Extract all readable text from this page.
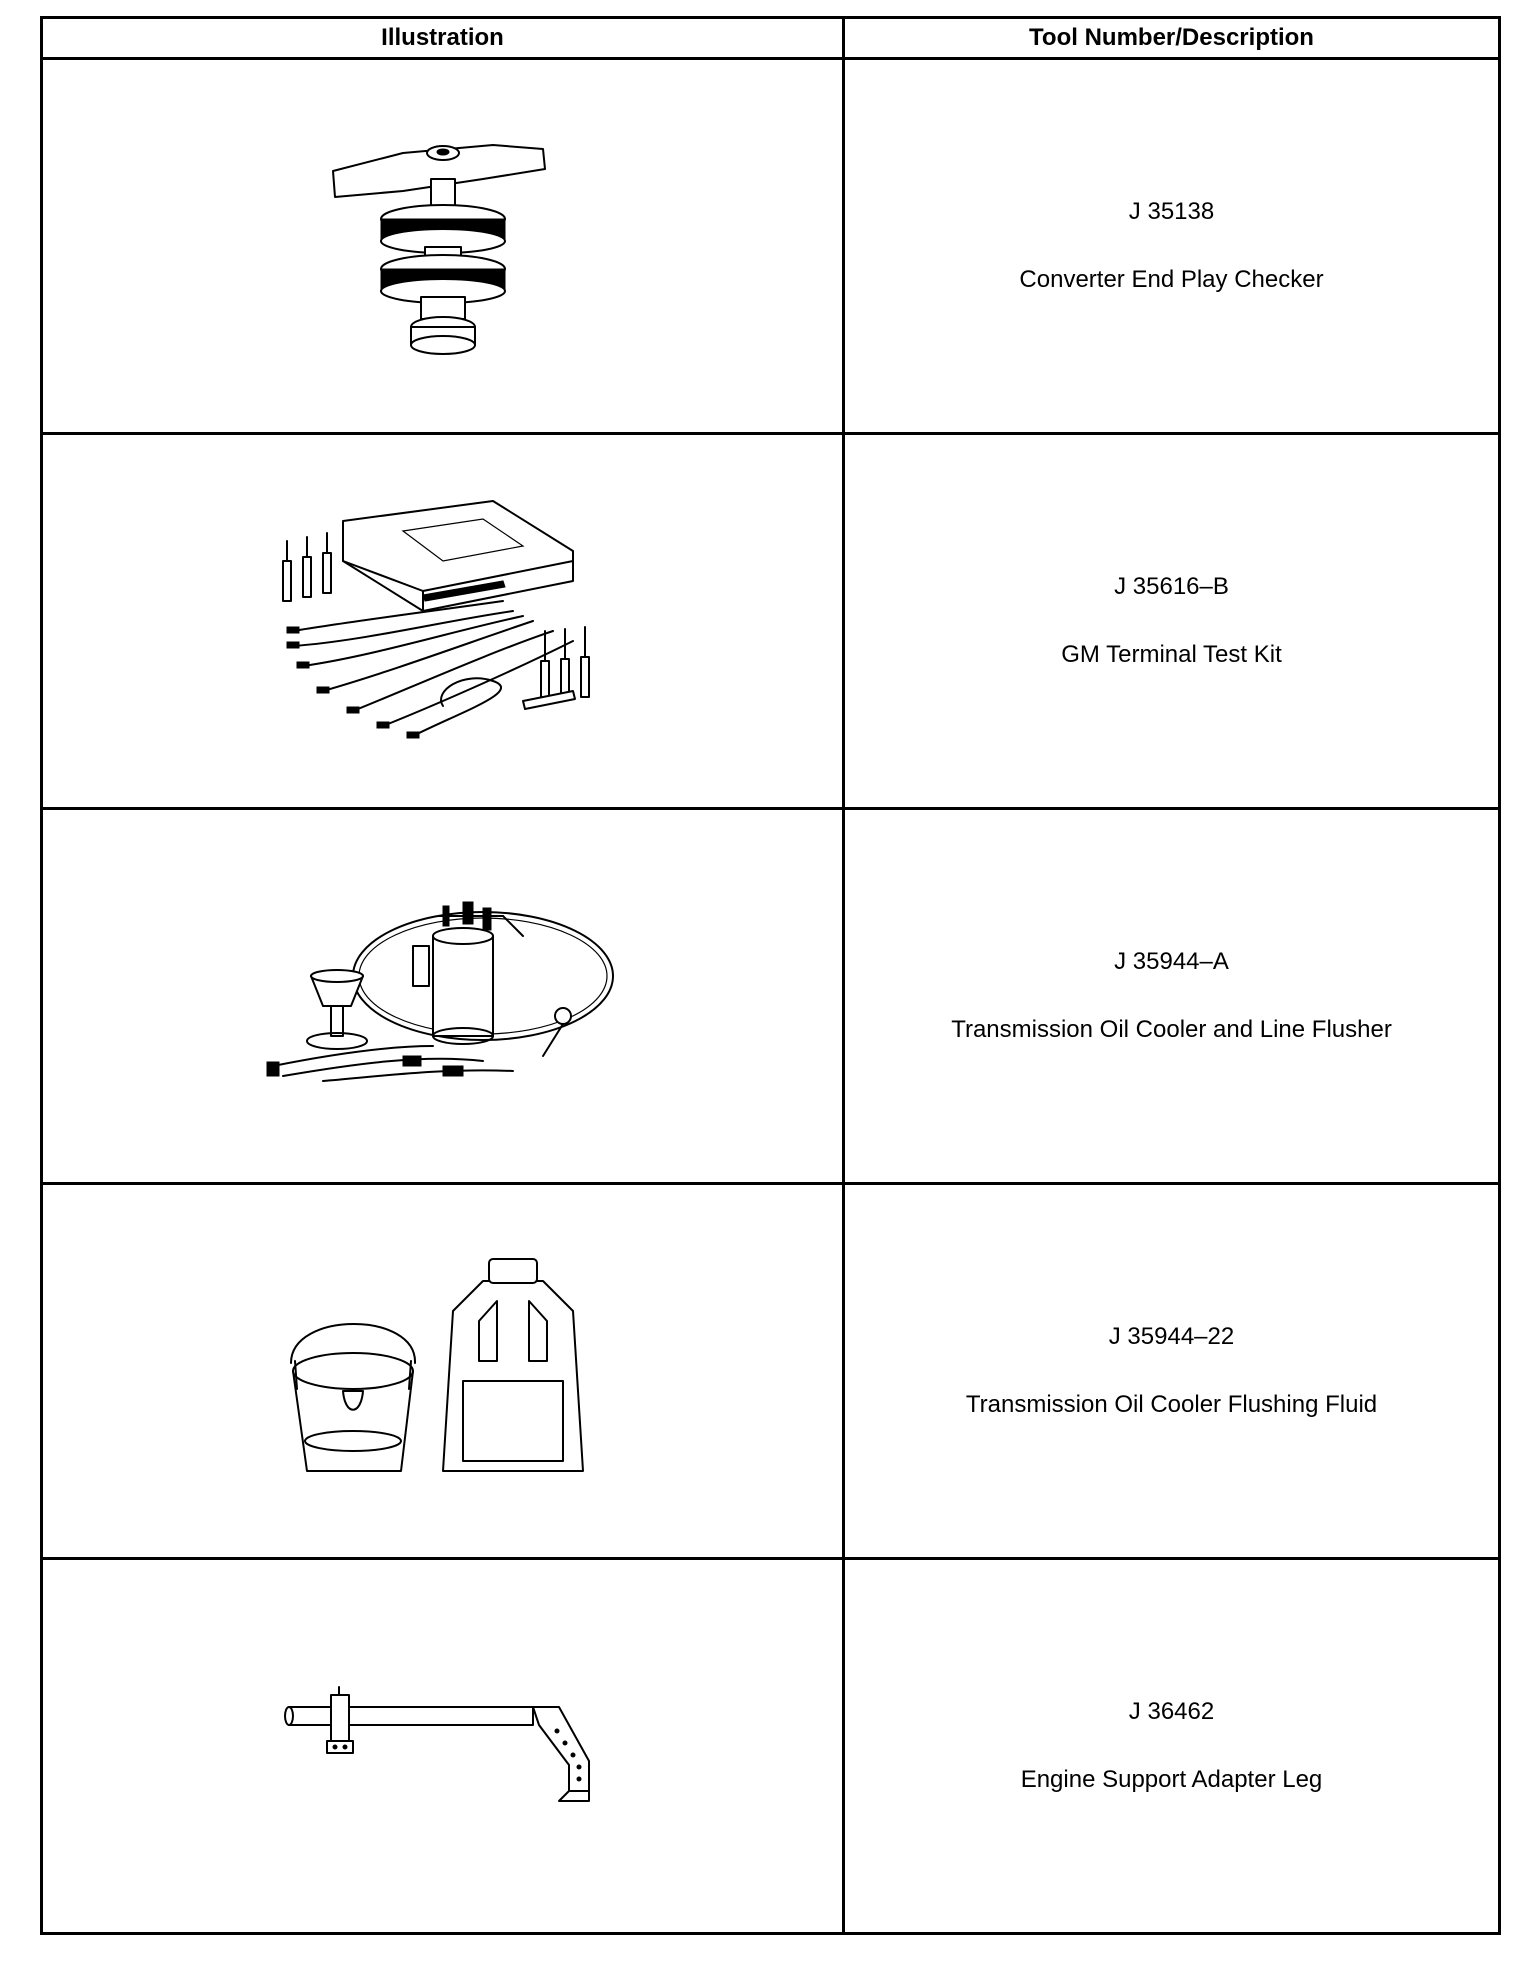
Illustration	Tool Number/Description

J 35138
Converter End Play Checker

J 35616–B
GM Terminal Test Kit

J 35944–A
Transmission Oil Cooler and Line Flusher

J 35944–22
Transmission Oil Cooler Flushing Fluid

J 36462
Engine Support Adapter Leg
